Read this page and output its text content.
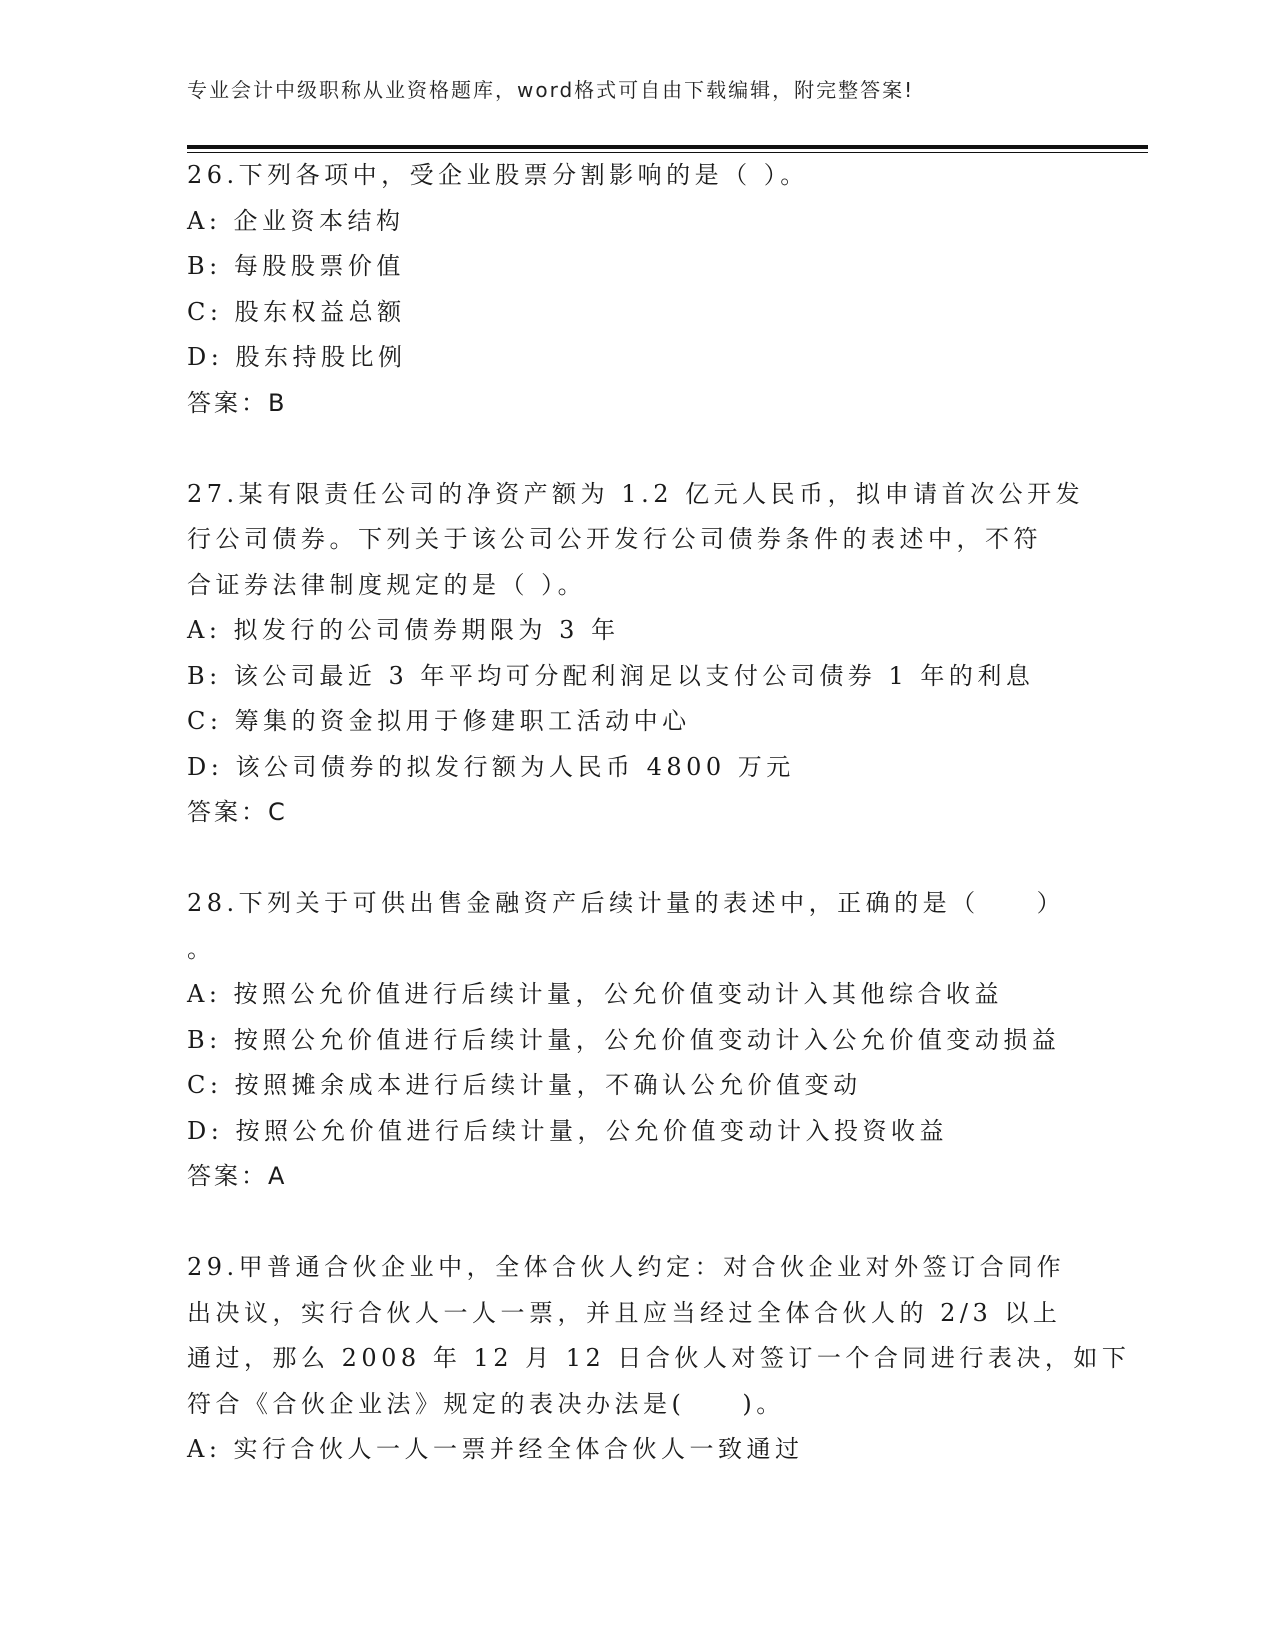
专业会计中级职称从业资格题库，word格式可自由下载编辑，附完整答案!
26.下列各项中，受企业股票分割影响的是（ ）。
A: 企业资本结构
B: 每股股票价值
C: 股东权益总额
D: 股东持股比例
答案：B
27.某有限责任公司的净资产额为 1.2 亿元人民币，拟申请首次公开发
行公司债券。下列关于该公司公开发行公司债券条件的表述中，不符
合证券法律制度规定的是（ ）。
A: 拟发行的公司债券期限为 3 年
B: 该公司最近 3 年平均可分配利润足以支付公司债券 1 年的利息
C: 筹集的资金拟用于修建职工活动中心
D: 该公司债券的拟发行额为人民币 4800 万元
答案：C
28.下列关于可供出售金融资产后续计量的表述中，正确的是（　　）
。
A: 按照公允价值进行后续计量，公允价值变动计入其他综合收益
B: 按照公允价值进行后续计量，公允价值变动计入公允价值变动损益
C: 按照摊余成本进行后续计量，不确认公允价值变动
D: 按照公允价值进行后续计量，公允价值变动计入投资收益
答案：A
29.甲普通合伙企业中，全体合伙人约定：对合伙企业对外签订合同作
出决议，实行合伙人一人一票，并且应当经过全体合伙人的 2/3 以上
通过，那么 2008 年 12 月 12 日合伙人对签订一个合同进行表决，如下
符合《合伙企业法》规定的表决办法是(　　)。
A: 实行合伙人一人一票并经全体合伙人一致通过
